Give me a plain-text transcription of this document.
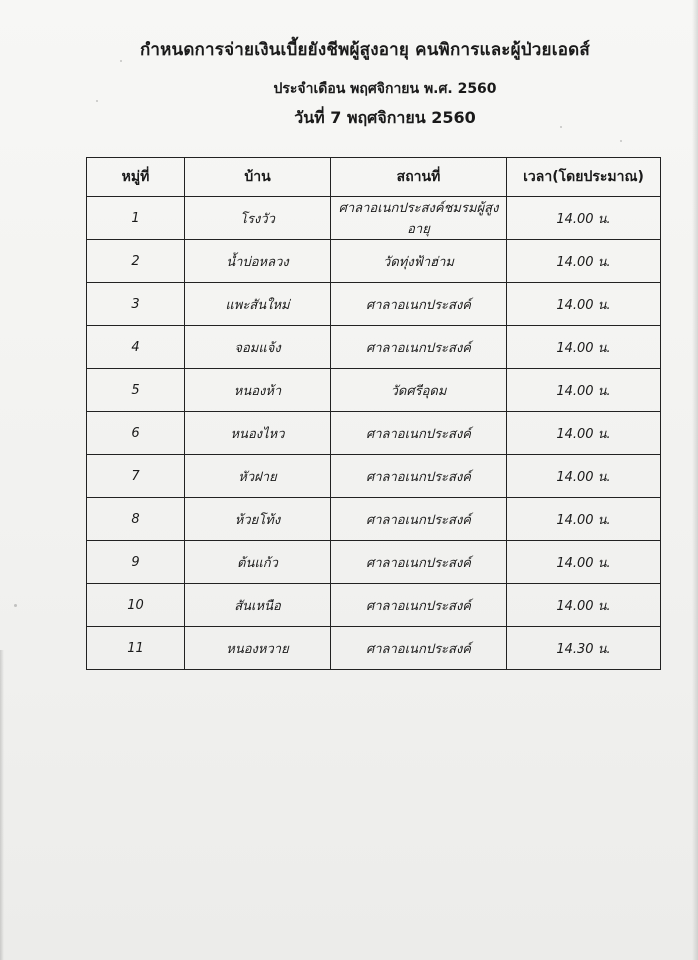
กำหนดการจ่ายเงินเบี้ยยังชีพผู้สูงอายุ คนพิการและผู้ป่วยเอดส์
ประจำเดือน พฤศจิกายน พ.ศ. 2560
วันที่ 7 พฤศจิกายน 2560
หมู่ที่	บ้าน	สถานที่	เวลา(โดยประมาณ)
1	โรงวัว	ศาลาอเนกประสงค์ชมรมผู้สูงอายุ	14.00 น.
2	น้ำบ่อหลวง	วัดทุ่งฟ้าฮ่าม	14.00 น.
3	แพะสันใหม่	ศาลาอเนกประสงค์	14.00 น.
4	จอมแจ้ง	ศาลาอเนกประสงค์	14.00 น.
5	หนองห้า	วัดศรีอุดม	14.00 น.
6	หนองไหว	ศาลาอเนกประสงค์	14.00 น.
7	หัวฝาย	ศาลาอเนกประสงค์	14.00 น.
8	ห้วยโท้ง	ศาลาอเนกประสงค์	14.00 น.
9	ต้นแก้ว	ศาลาอเนกประสงค์	14.00 น.
10	สันเหนือ	ศาลาอเนกประสงค์	14.00 น.
11	หนองหวาย	ศาลาอเนกประสงค์	14.30 น.
